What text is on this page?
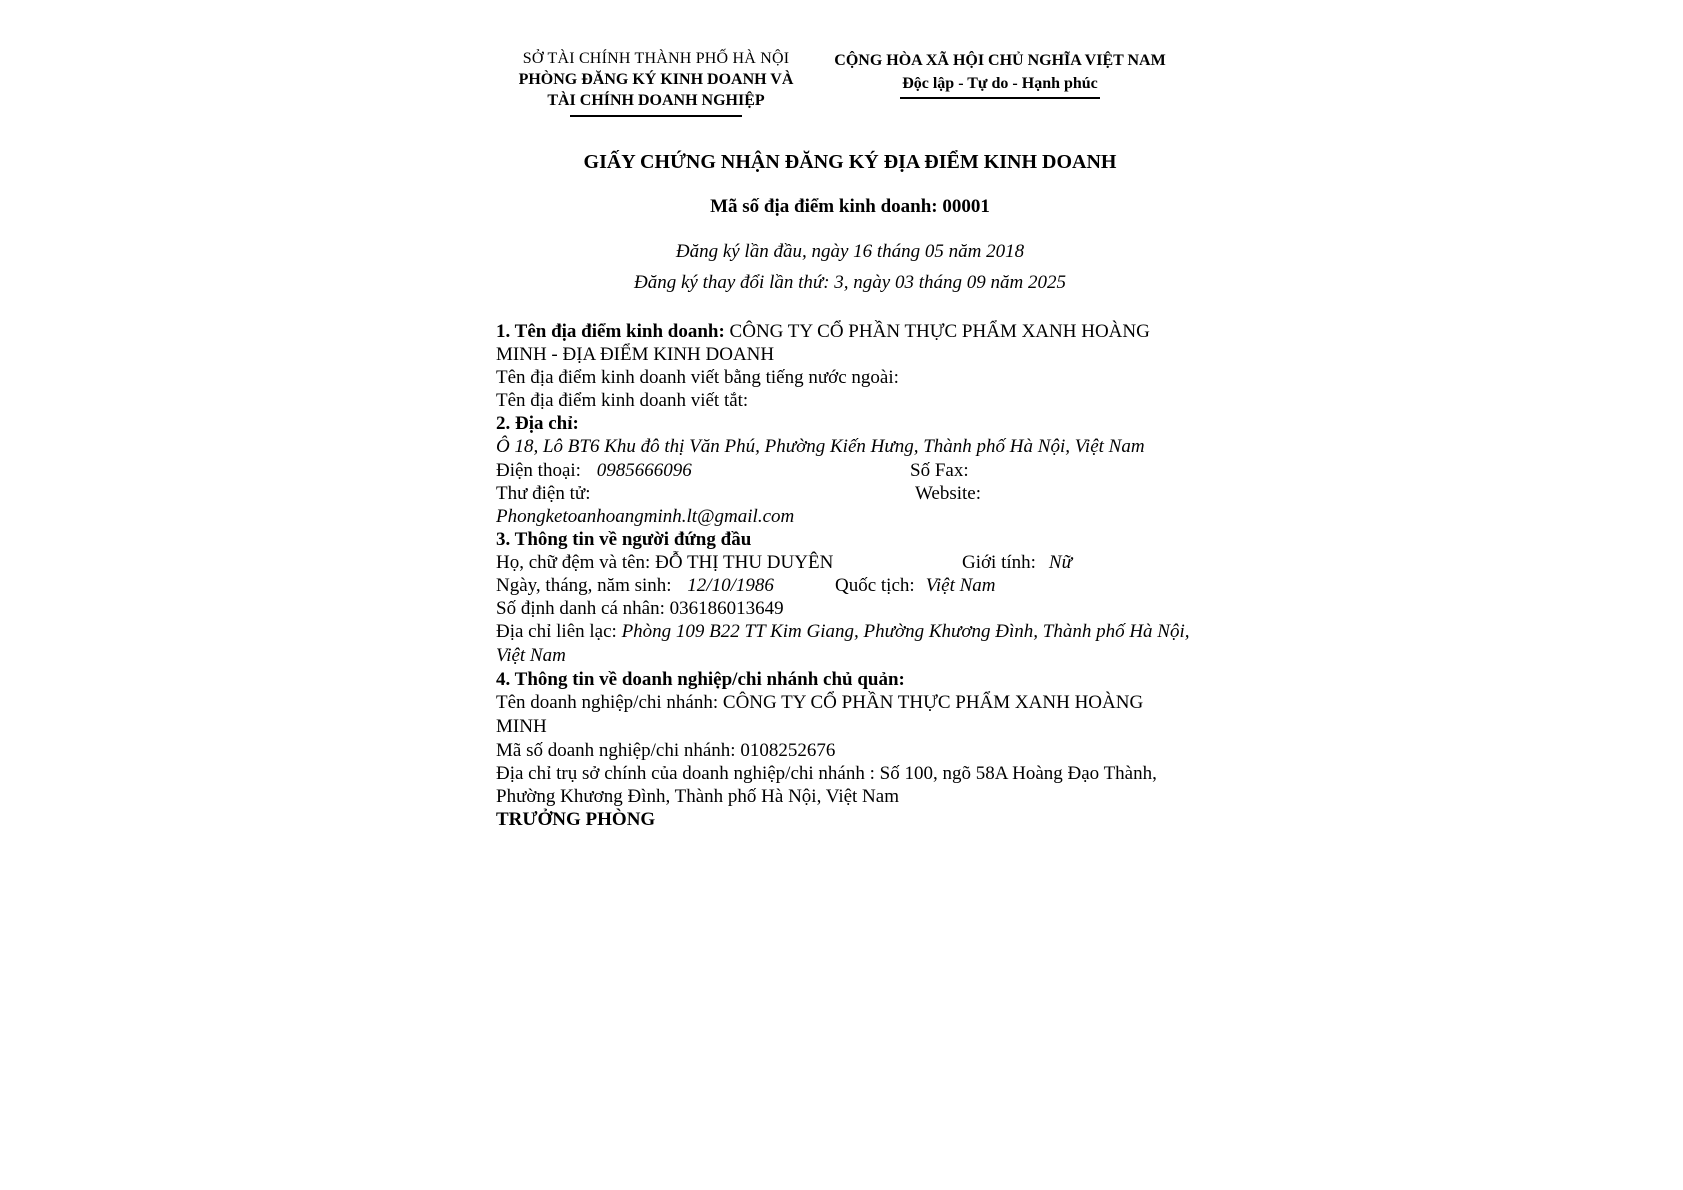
SỞ TÀI CHÍNH THÀNH PHỐ HÀ NỘI
PHÒNG ĐĂNG KÝ KINH DOANH VÀ
TÀI CHÍNH DOANH NGHIỆP
CỘNG HÒA XÃ HỘI CHỦ NGHĨA VIỆT NAM
Độc lập - Tự do - Hạnh phúc

GIẤY CHỨNG NHẬN ĐĂNG KÝ ĐỊA ĐIỂM KINH DOANH

Mã số địa điểm kinh doanh: 00001

Đăng ký lần đầu, ngày 16 tháng 05 năm 2018

Đăng ký thay đổi lần thứ: 3, ngày 03 tháng 09 năm 2025

1. Tên địa điểm kinh doanh: CÔNG TY CỔ PHẦN THỰC PHẨM XANH HOÀNG MINH - ĐỊA ĐIỂM KINH DOANH

Tên địa điểm kinh doanh viết bằng tiếng nước ngoài:

Tên địa điểm kinh doanh viết tắt:

2. Địa chỉ:

Ô 18, Lô BT6 Khu đô thị Văn Phú, Phường Kiến Hưng, Thành phố Hà Nội, Việt Nam

Điện thoại: 0985666096	Số Fax:

Thư điện tử:	Website:

Phongketoanhoangminh.lt@gmail.com

3. Thông tin về người đứng đầu

Họ, chữ đệm và tên: ĐỖ THỊ THU DUYÊN	Giới tính: Nữ

Ngày, tháng, năm sinh: 12/10/1986	Quốc tịch: Việt Nam

Số định danh cá nhân: 036186013649

Địa chỉ liên lạc: Phòng 109 B22 TT Kim Giang, Phường Khương Đình, Thành phố Hà Nội, Việt Nam

4. Thông tin về doanh nghiệp/chi nhánh chủ quản:

Tên doanh nghiệp/chi nhánh: CÔNG TY CỔ PHẦN THỰC PHẨM XANH HOÀNG MINH

Mã số doanh nghiệp/chi nhánh: 0108252676

Địa chỉ trụ sở chính của doanh nghiệp/chi nhánh : Số 100, ngõ 58A Hoàng Đạo Thành, Phường Khương Đình, Thành phố Hà Nội, Việt Nam

TRƯỞNG PHÒNG
